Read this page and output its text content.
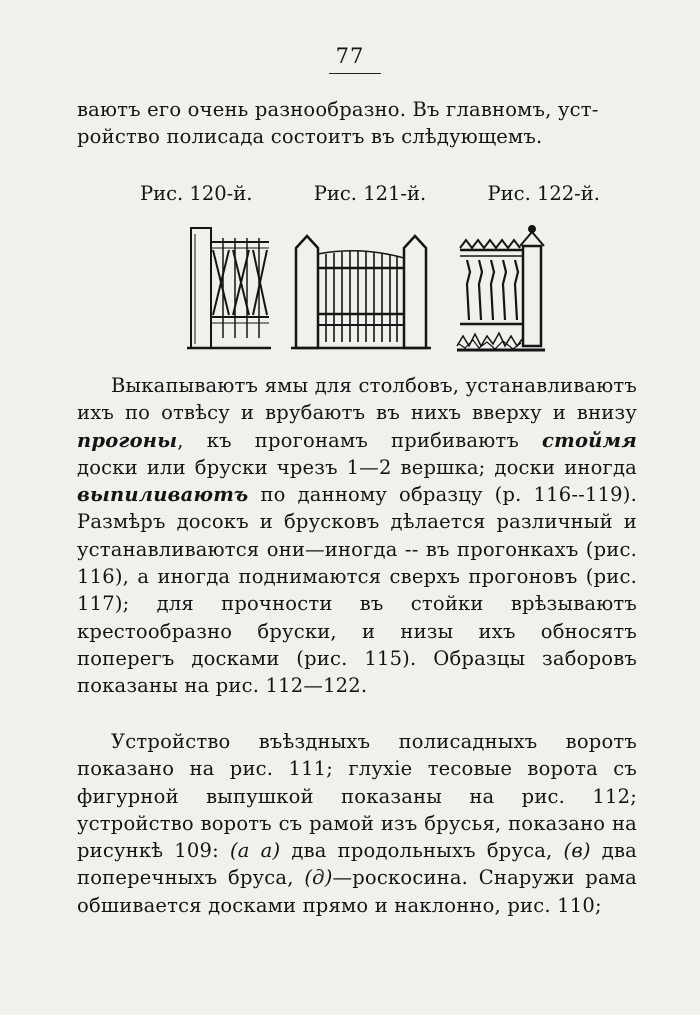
77

ваютъ его очень разнообразно. Въ главномъ, уст-

ройство полисада состоитъ въ слѣдующемъ.

Рис. 120-й.	Рис. 121-й.	Рис. 122-й.

Выкапываютъ ямы для столбовъ, устанавливаютъ ихъ по отвѣсу и врубаютъ въ нихъ вверху и внизу прогоны, къ прогонамъ прибиваютъ стоймя доски или бруски чрезъ 1—2 вершка; доски иногда выпиливаютъ по данному образцу (р. 116--119). Размѣръ досокъ и брусковъ дѣлается различный и устанавливаются они—иногда -- въ прогонкахъ (рис. 116), а иногда поднимаются сверхъ прогоновъ (рис. 117); для прочности въ стойки врѣзываютъ крестообразно бруски, и низы ихъ обносятъ поперегъ досками (рис. 115). Образцы заборовъ показаны на рис. 112—122.

Устройство въѣздныхъ полисадныхъ воротъ показано на рис. 111; глухіе тесовые ворота съ фигурной выпушкой показаны на рис. 112; устройство воротъ съ рамой изъ брусья, показано на рисункѣ 109: (а а) два продольныхъ бруса, (в) два поперечныхъ бруса, (д)—роскосина. Снаружи рама обшивается досками прямо и наклонно, рис. 110;
